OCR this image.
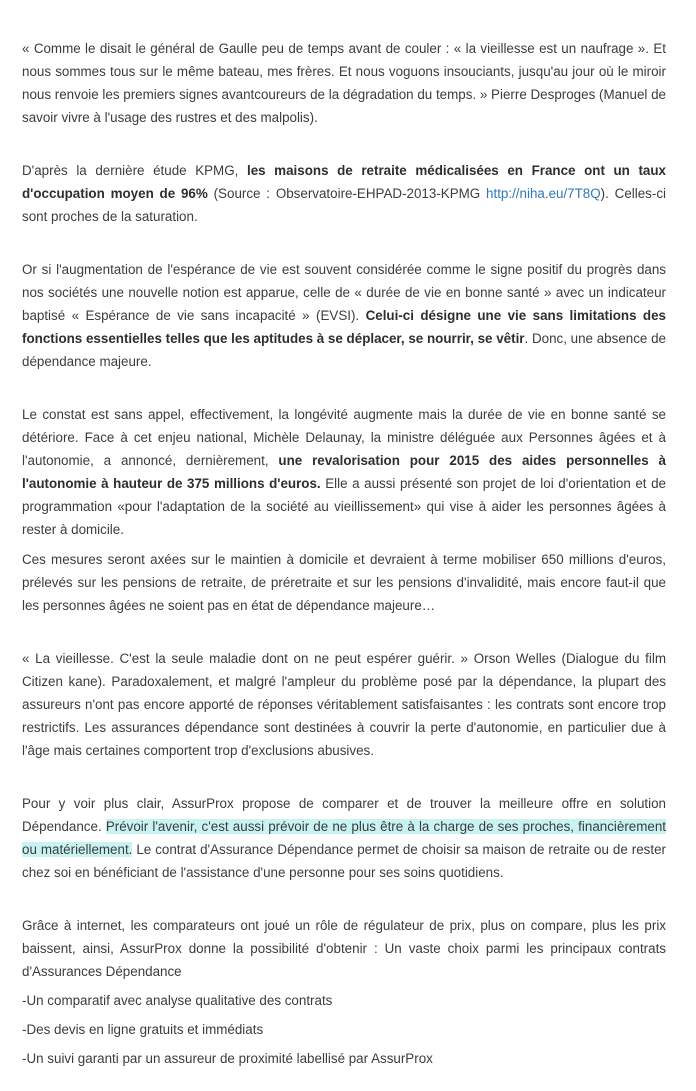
« Comme le disait le général de Gaulle peu de temps avant de couler : « la vieillesse est un naufrage ». Et nous sommes tous sur le même bateau, mes frères. Et nous voguons insouciants, jusqu'au jour où le miroir nous renvoie les premiers signes avantcoureurs de la dégradation du temps. » Pierre Desproges (Manuel de savoir vivre à l'usage des rustres et des malpolis).

D'après la dernière étude KPMG, les maisons de retraite médicalisées en France ont un taux d'occupation moyen de 96% (Source : Observatoire-EHPAD-2013-KPMG http://niha.eu/7T8Q). Celles-ci sont proches de la saturation.

Or si l'augmentation de l'espérance de vie est souvent considérée comme le signe positif du progrès dans nos sociétés une nouvelle notion est apparue, celle de « durée de vie en bonne santé » avec un indicateur baptisé « Espérance de vie sans incapacité » (EVSI). Celui-ci désigne une vie sans limitations des fonctions essentielles telles que les aptitudes à se déplacer, se nourrir, se vêtir. Donc, une absence de dépendance majeure.

Le constat est sans appel, effectivement, la longévité augmente mais la durée de vie en bonne santé se détériore. Face à cet enjeu national, Michèle Delaunay, la ministre déléguée aux Personnes âgées et à l'autonomie, a annoncé, dernièrement, une revalorisation pour 2015 des aides personnelles à l'autonomie à hauteur de 375 millions d'euros. Elle a aussi présenté son projet de loi d'orientation et de programmation «pour l'adaptation de la société au vieillissement» qui vise à aider les personnes âgées à rester à domicile.

Ces mesures seront axées sur le maintien à domicile et devraient à terme mobiliser 650 millions d'euros, prélevés sur les pensions de retraite, de préretraite et sur les pensions d'invalidité, mais encore faut-il que les personnes âgées ne soient pas en état de dépendance majeure…

« La vieillesse. C'est la seule maladie dont on ne peut espérer guérir. » Orson Welles (Dialogue du film Citizen kane). Paradoxalement, et malgré l'ampleur du problème posé par la dépendance, la plupart des assureurs n'ont pas encore apporté de réponses véritablement satisfaisantes : les contrats sont encore trop restrictifs. Les assurances dépendance sont destinées à couvrir la perte d'autonomie, en particulier due à l'âge mais certaines comportent trop d'exclusions abusives.

Pour y voir plus clair, AssurProx propose de comparer et de trouver la meilleure offre en solution Dépendance. Prévoir l'avenir, c'est aussi prévoir de ne plus être à la charge de ses proches, financièrement ou matériellement. Le contrat d'Assurance Dépendance permet de choisir sa maison de retraite ou de rester chez soi en bénéficiant de l'assistance d'une personne pour ses soins quotidiens.

Grâce à internet, les comparateurs ont joué un rôle de régulateur de prix, plus on compare, plus les prix baissent, ainsi, AssurProx donne la possibilité d'obtenir : Un vaste choix parmi les principaux contrats d'Assurances Dépendance

-Un comparatif avec analyse qualitative des contrats

-Des devis en ligne gratuits et immédiats

-Un suivi garanti par un assureur de proximité labellisé par AssurProx
